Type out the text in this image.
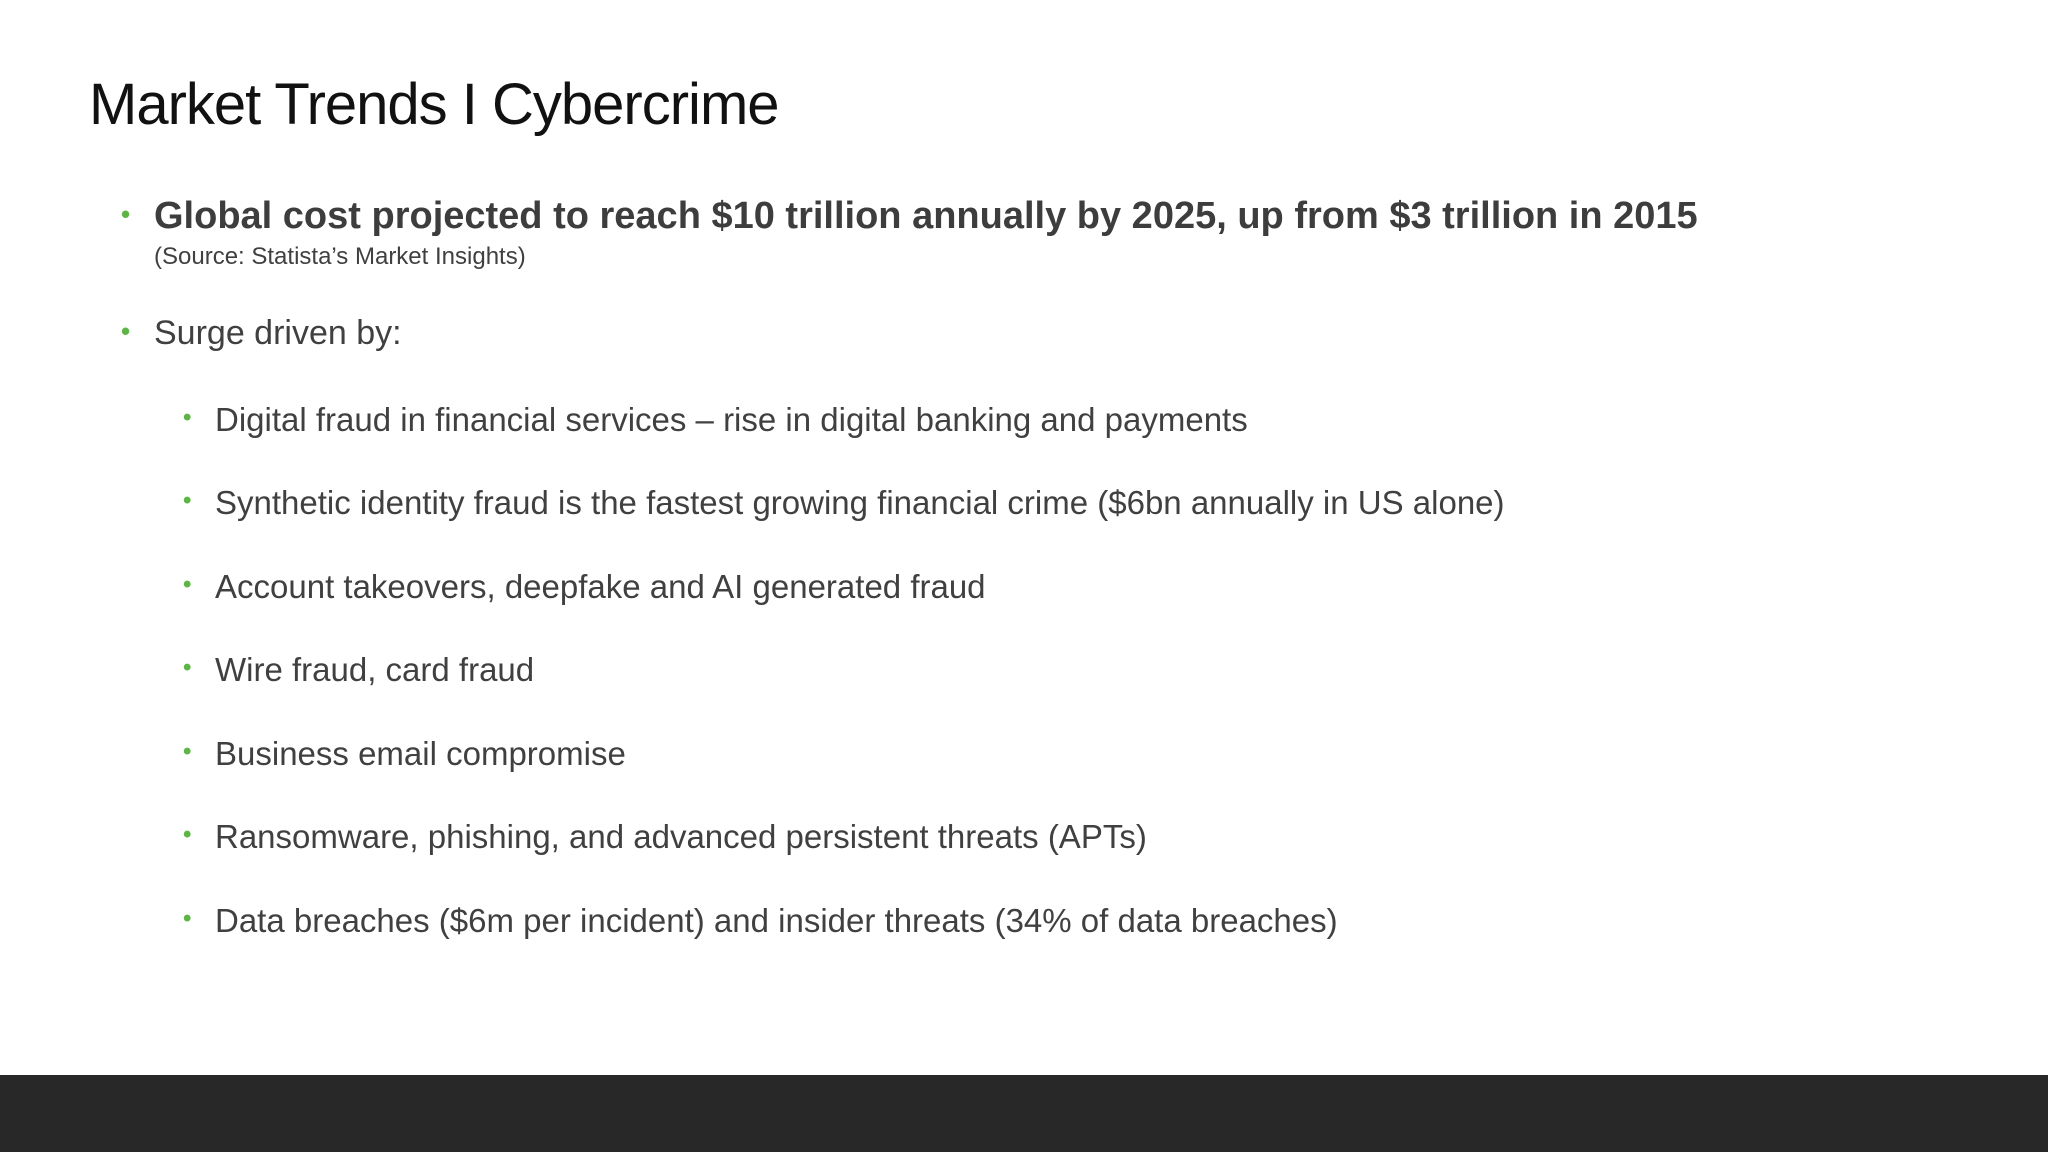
Market Trends I Cybercrime
• Global cost projected to reach $10 trillion annually by 2025, up from $3 trillion in 2015
(Source: Statista’s Market Insights)
• Surge driven by:
• Digital fraud in financial services – rise in digital banking and payments
• Synthetic identity fraud is the fastest growing financial crime ($6bn annually in US alone)
• Account takeovers, deepfake and AI generated fraud
• Wire fraud, card fraud
• Business email compromise
• Ransomware, phishing, and advanced persistent threats (APTs)
• Data breaches ($6m per incident) and insider threats (34% of data breaches)
